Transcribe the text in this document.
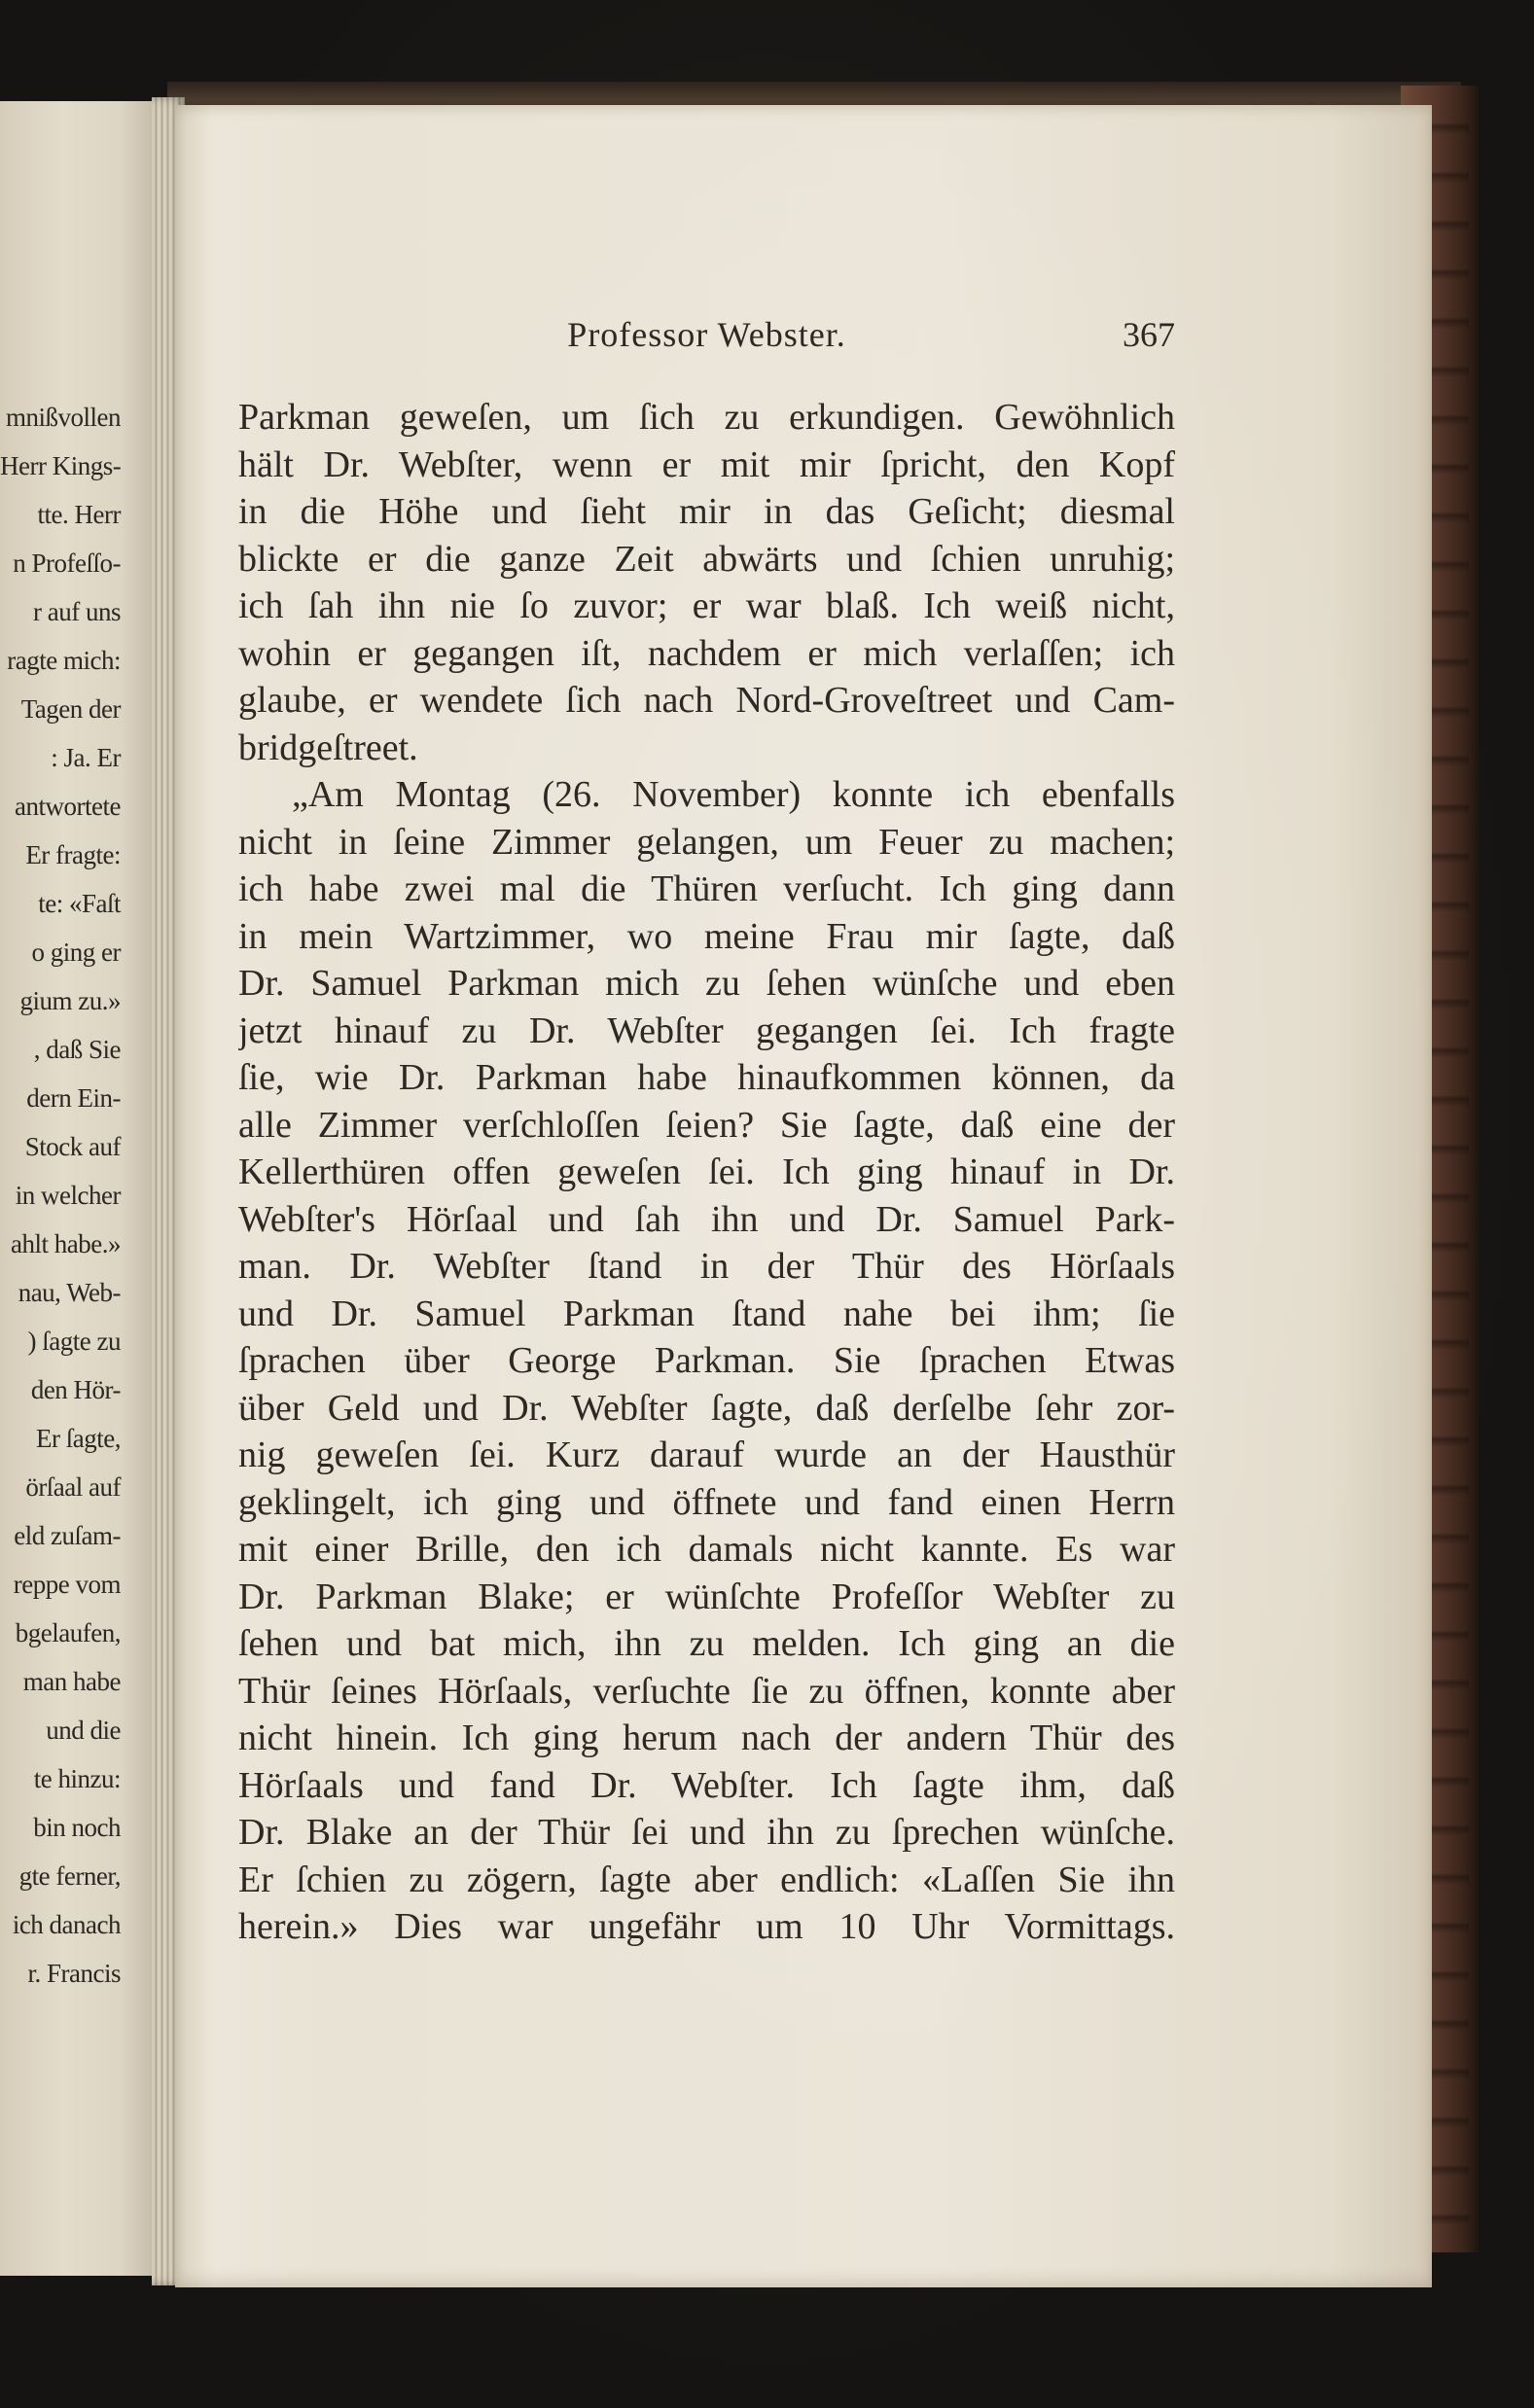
mnißvollen
Herr Kings-
tte. Herr
n Profeſſo-
r auf uns
ragte mich:
Tagen der
: Ja. Er
antwortete
Er fragte:
te: «Faſt
o ging er
gium zu.»
, daß Sie
dern Ein-
Stock auf
in welcher
ahlt habe.»
nau, Web-
) ſagte zu
den Hör-
Er ſagte,
örſaal auf
eld zuſam-
reppe vom
bgelaufen,
man habe
und die
te hinzu:
bin noch
gte ferner,
ich danach
r. Francis
Professor Webster.	367
Parkman geweſen, um ſich zu erkundigen. Gewöhnlich
hält Dr. Webſter, wenn er mit mir ſpricht, den Kopf
in die Höhe und ſieht mir in das Geſicht; diesmal
blickte er die ganze Zeit abwärts und ſchien unruhig;
ich ſah ihn nie ſo zuvor; er war blaß. Ich weiß nicht,
wohin er gegangen iſt, nachdem er mich verlaſſen; ich
glaube, er wendete ſich nach Nord-Groveſtreet und Cam-
bridgeſtreet.
„Am Montag (26. November) konnte ich ebenfalls
nicht in ſeine Zimmer gelangen, um Feuer zu machen;
ich habe zwei mal die Thüren verſucht. Ich ging dann
in mein Wartzimmer, wo meine Frau mir ſagte, daß
Dr. Samuel Parkman mich zu ſehen wünſche und eben
jetzt hinauf zu Dr. Webſter gegangen ſei. Ich fragte
ſie, wie Dr. Parkman habe hinaufkommen können, da
alle Zimmer verſchloſſen ſeien? Sie ſagte, daß eine der
Kellerthüren offen geweſen ſei. Ich ging hinauf in Dr.
Webſter's Hörſaal und ſah ihn und Dr. Samuel Park-
man. Dr. Webſter ſtand in der Thür des Hörſaals
und Dr. Samuel Parkman ſtand nahe bei ihm; ſie
ſprachen über George Parkman. Sie ſprachen Etwas
über Geld und Dr. Webſter ſagte, daß derſelbe ſehr zor-
nig geweſen ſei. Kurz darauf wurde an der Hausthür
geklingelt, ich ging und öffnete und fand einen Herrn
mit einer Brille, den ich damals nicht kannte. Es war
Dr. Parkman Blake; er wünſchte Profeſſor Webſter zu
ſehen und bat mich, ihn zu melden. Ich ging an die
Thür ſeines Hörſaals, verſuchte ſie zu öffnen, konnte aber
nicht hinein. Ich ging herum nach der andern Thür des
Hörſaals und fand Dr. Webſter. Ich ſagte ihm, daß
Dr. Blake an der Thür ſei und ihn zu ſprechen wünſche.
Er ſchien zu zögern, ſagte aber endlich: «Laſſen Sie ihn
herein.» Dies war ungefähr um 10 Uhr Vormittags.
